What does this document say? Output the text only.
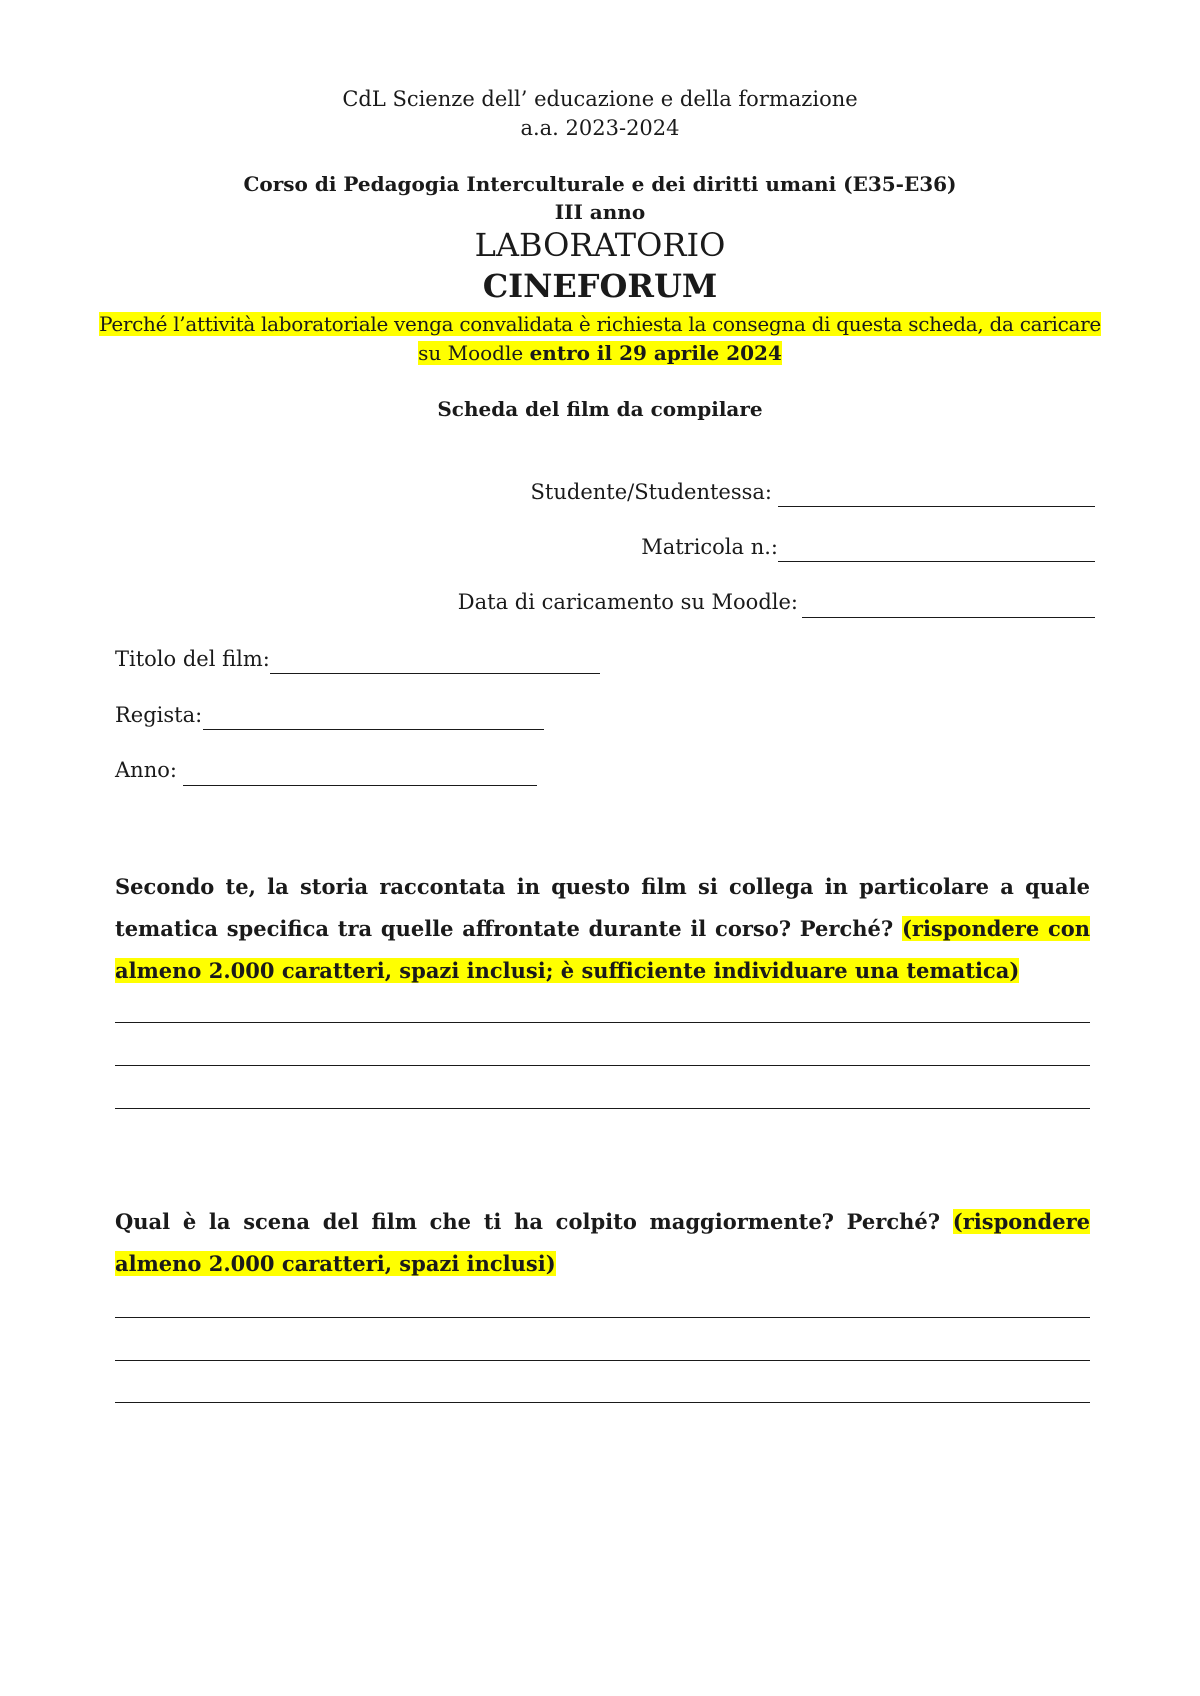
CdL Scienze dell’ educazione e della formazione
a.a. 2023-2024
Corso di Pedagogia Interculturale e dei diritti umani (E35-E36)
III anno
LABORATORIO
CINEFORUM
Perché l’attività laboratoriale venga convalidata è richiesta la consegna di questa scheda, da caricare
su Moodle entro il 29 aprile 2024
Scheda del film da compilare
Studente/Studentessa:
Matricola n.:
Data di caricamento su Moodle:
Titolo del film:
Regista:
Anno:

Secondo te, la storia raccontata in questo film si collega in particolare a quale tematica specifica tra quelle affrontate durante il corso? Perché? (rispondere con almeno 2.000 caratteri, spazi inclusi; è sufficiente individuare una tematica)

Qual è la scena del film che ti ha colpito maggiormente? Perché? (rispondere almeno 2.000 caratteri, spazi inclusi)
